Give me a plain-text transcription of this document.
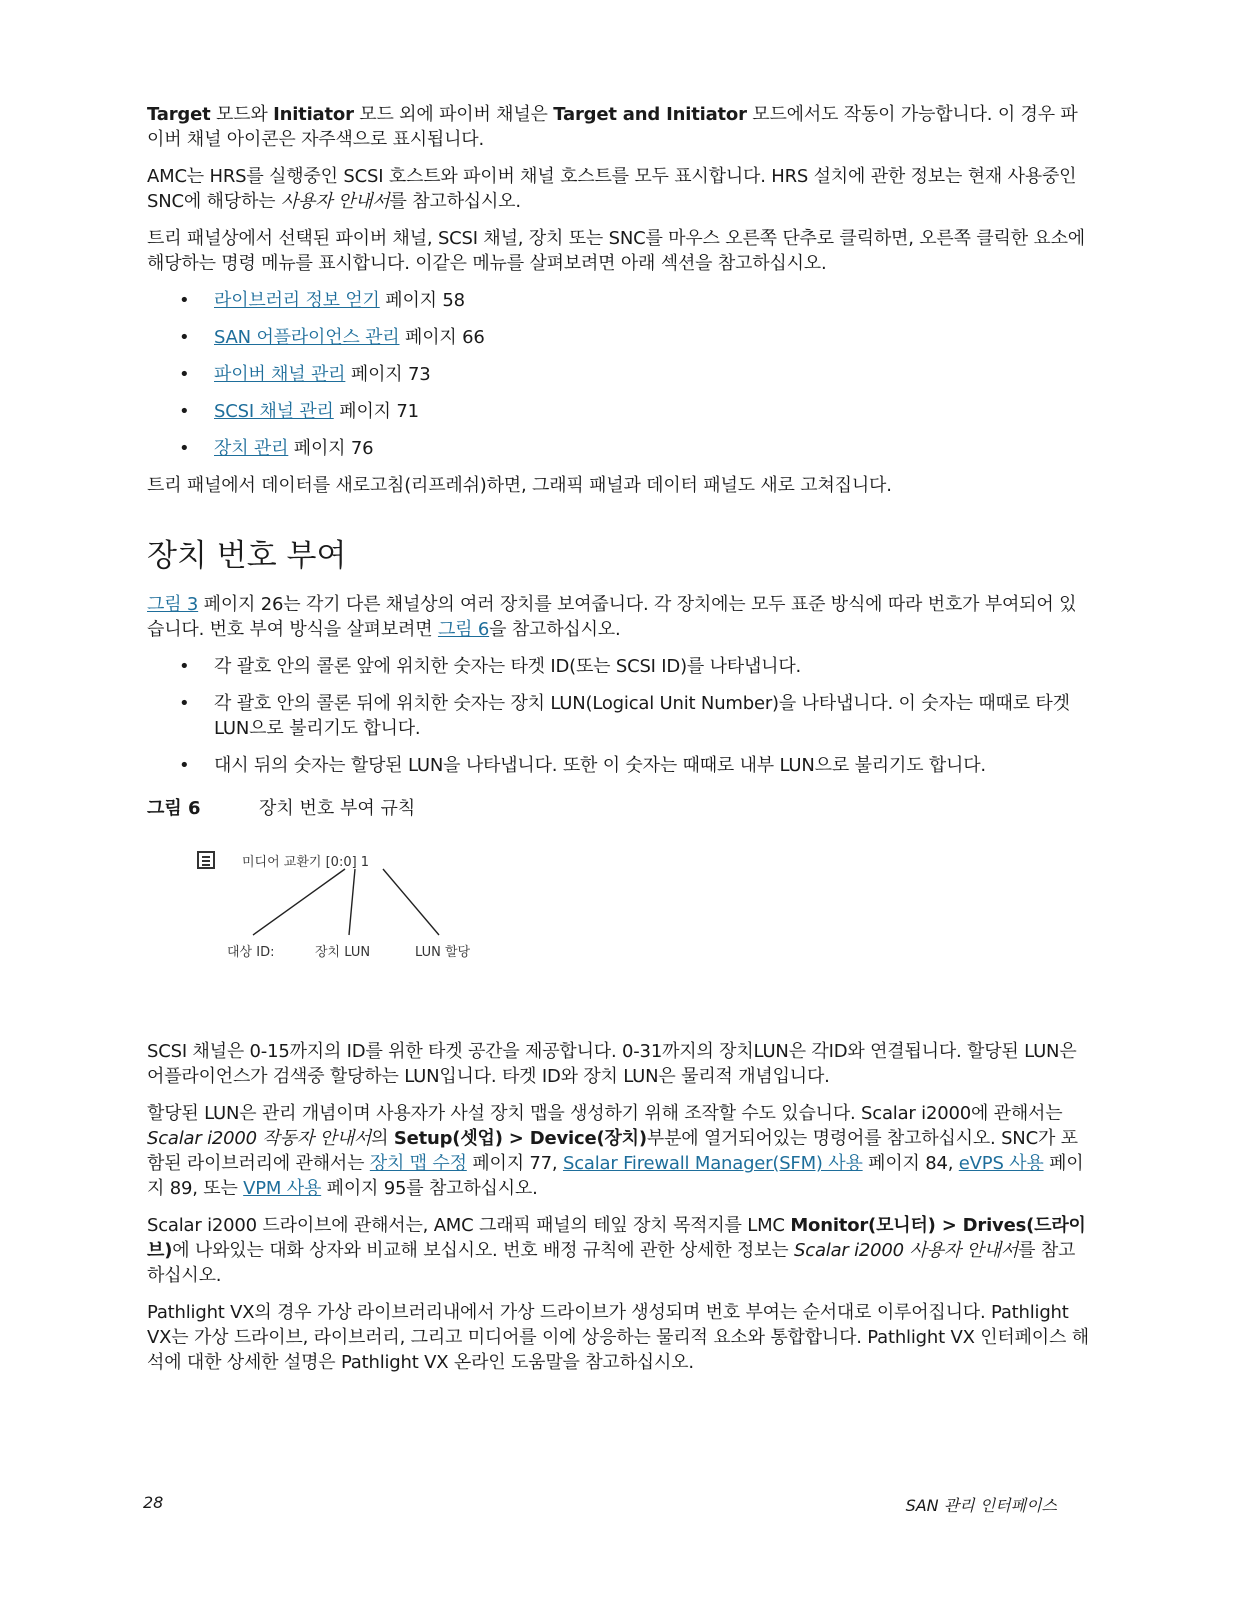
Target 모드와 Initiator 모드 외에 파이버 채널은 Target and Initiator 모드에서도 작동이 가능합니다. 이 경우 파이버 채널 아이콘은 자주색으로 표시됩니다.

AMC는 HRS를 실행중인 SCSI 호스트와 파이버 채널 호스트를 모두 표시합니다. HRS 설치에 관한 정보는 현재 사용중인 SNC에 해당하는 사용자 안내서를 참고하십시오.

트리 패널상에서 선택된 파이버 채널, SCSI 채널, 장치 또는 SNC를 마우스 오른쪽 단추로 클릭하면, 오른쪽 클릭한 요소에 해당하는 명령 메뉴를 표시합니다. 이같은 메뉴를 살펴보려면 아래 섹션을 참고하십시오.

• 라이브러리 정보 얻기 페이지 58
• SAN 어플라이언스 관리 페이지 66
• 파이버 채널 관리 페이지 73
• SCSI 채널 관리 페이지 71
• 장치 관리 페이지 76

트리 패널에서 데이터를 새로고침(리프레쉬)하면, 그래픽 패널과 데이터 패널도 새로 고쳐집니다.

장치 번호 부여

그림 3 페이지 26는 각기 다른 채널상의 여러 장치를 보여줍니다. 각 장치에는 모두 표준 방식에 따라 번호가 부여되어 있습니다. 번호 부여 방식을 살펴보려면 그림 6을 참고하십시오.

• 각 괄호 안의 콜론 앞에 위치한 숫자는 타겟 ID(또는 SCSI ID)를 나타냅니다.
• 각 괄호 안의 콜론 뒤에 위치한 숫자는 장치 LUN(Logical Unit Number)을 나타냅니다. 이 숫자는 때때로 타겟 LUN으로 불리기도 합니다.
• 대시 뒤의 숫자는 할당된 LUN을 나타냅니다. 또한 이 숫자는 때때로 내부 LUN으로 불리기도 합니다.
그림 6	장치 번호 부여 규칙
미디어 교환기 [0:0] 1
대상 ID:	장치 LUN	LUN 할당

SCSI 채널은 0-15까지의 ID를 위한 타겟 공간을 제공합니다. 0-31까지의 장치LUN은 각ID와 연결됩니다. 할당된 LUN은 어플라이언스가 검색중 할당하는 LUN입니다. 타겟 ID와 장치 LUN은 물리적 개념입니다.

할당된 LUN은 관리 개념이며 사용자가 사설 장치 맵을 생성하기 위해 조작할 수도 있습니다. Scalar i2000에 관해서는 Scalar i2000 작동자 안내서의 Setup(셋업) > Device(장치)부분에 열거되어있는 명령어를 참고하십시오. SNC가 포함된 라이브러리에 관해서는 장치 맵 수정 페이지 77, Scalar Firewall Manager(SFM) 사용 페이지 84, eVPS 사용 페이지 89, 또는 VPM 사용 페이지 95를 참고하십시오.

Scalar i2000 드라이브에 관해서는, AMC 그래픽 패널의 테잎 장치 목적지를 LMC Monitor(모니터) > Drives(드라이브)에 나와있는 대화 상자와 비교해 보십시오. 번호 배정 규칙에 관한 상세한 정보는 Scalar i2000 사용자 안내서를 참고하십시오.

Pathlight VX의 경우 가상 라이브러리내에서 가상 드라이브가 생성되며 번호 부여는 순서대로 이루어집니다. Pathlight VX는 가상 드라이브, 라이브러리, 그리고 미디어를 이에 상응하는 물리적 요소와 통합합니다. Pathlight VX 인터페이스 해석에 대한 상세한 설명은 Pathlight VX 온라인 도움말을 참고하십시오.

28	SAN 관리 인터페이스
